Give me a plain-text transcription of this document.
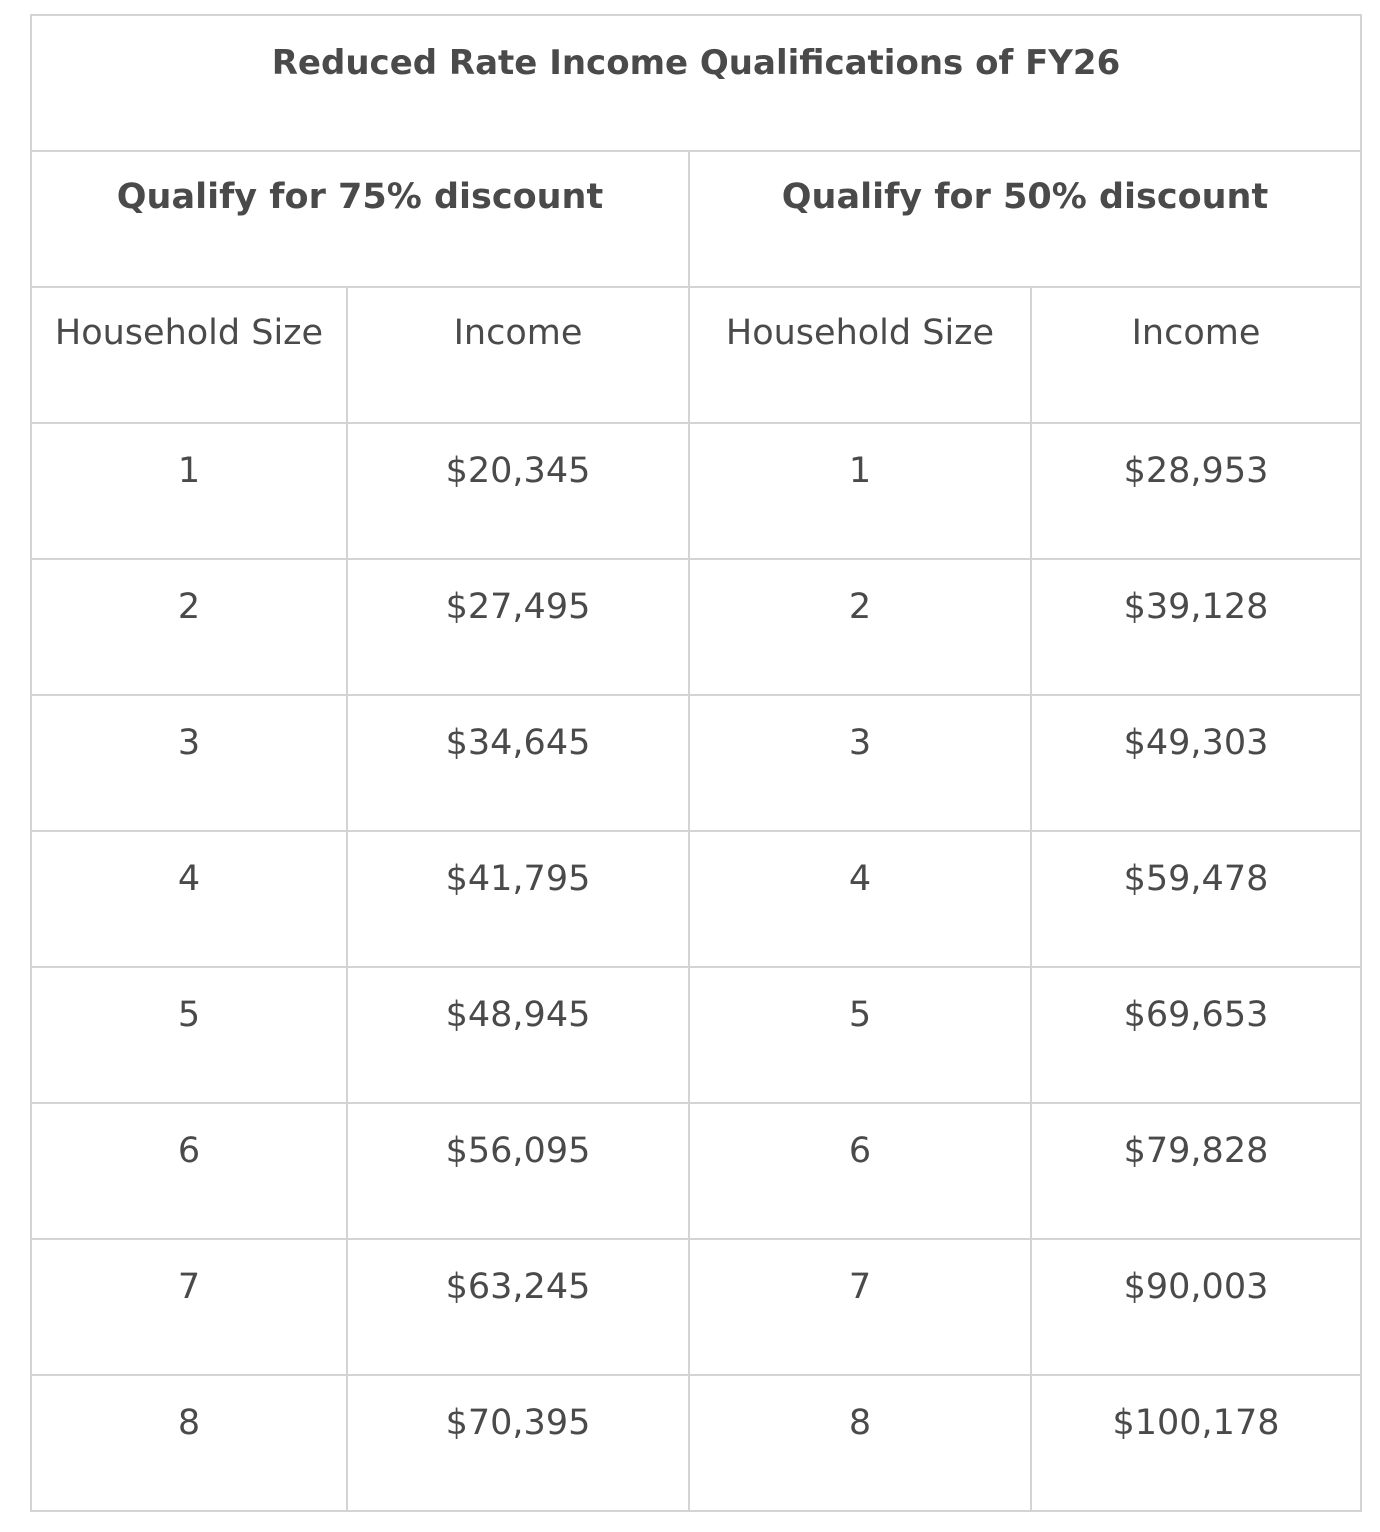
Reduced Rate Income Qualifications of FY26			
Qualify for 75% discount		Qualify for 50% discount	
Household Size	Income	Household Size	Income
1	$20,345	1	$28,953
2	$27,495	2	$39,128
3	$34,645	3	$49,303
4	$41,795	4	$59,478
5	$48,945	5	$69,653
6	$56,095	6	$79,828
7	$63,245	7	$90,003
8	$70,395	8	$100,178
